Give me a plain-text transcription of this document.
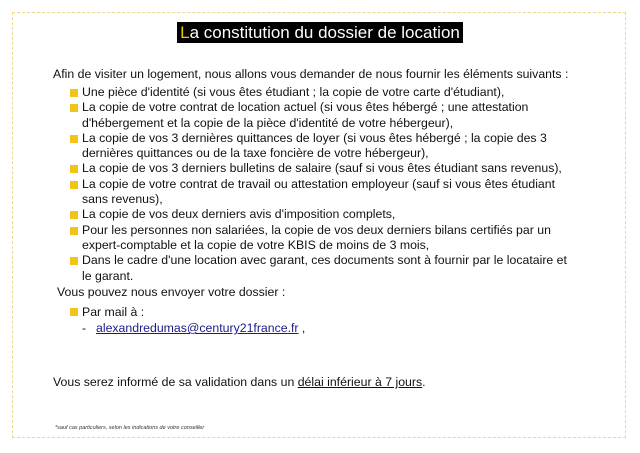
La constitution du dossier de location
Afin de visiter un logement, nous allons vous demander de nous fournir les éléments suivants :
Une pièce d'identité (si vous êtes étudiant ; la copie de votre carte d'étudiant),
La copie de votre contrat de location actuel (si vous êtes hébergé ; une attestation d'hébergement et la copie de la pièce d'identité de votre hébergeur),
La copie de vos 3 dernières quittances de loyer (si vous êtes hébergé ; la copie des 3 dernières quittances ou de la taxe foncière de votre hébergeur),
La copie de vos 3 derniers bulletins de salaire (sauf si vous êtes étudiant sans revenus),
La copie de votre contrat de travail ou attestation employeur (sauf si vous êtes étudiant sans revenus),
La copie de vos deux derniers avis d'imposition complets,
Pour les personnes non salariées, la copie de vos deux derniers bilans certifiés par un expert-comptable et la copie de votre KBIS de moins de 3 mois,
Dans le cadre d'une location avec garant, ces documents sont à fournir par le locataire et le garant.
Vous pouvez nous envoyer votre dossier :
Par mail à :
- alexandredumas@century21france.fr ,
Vous serez informé de sa validation dans un délai inférieur à 7 jours.
*sauf cas particuliers, selon les indications de votre conseiller
